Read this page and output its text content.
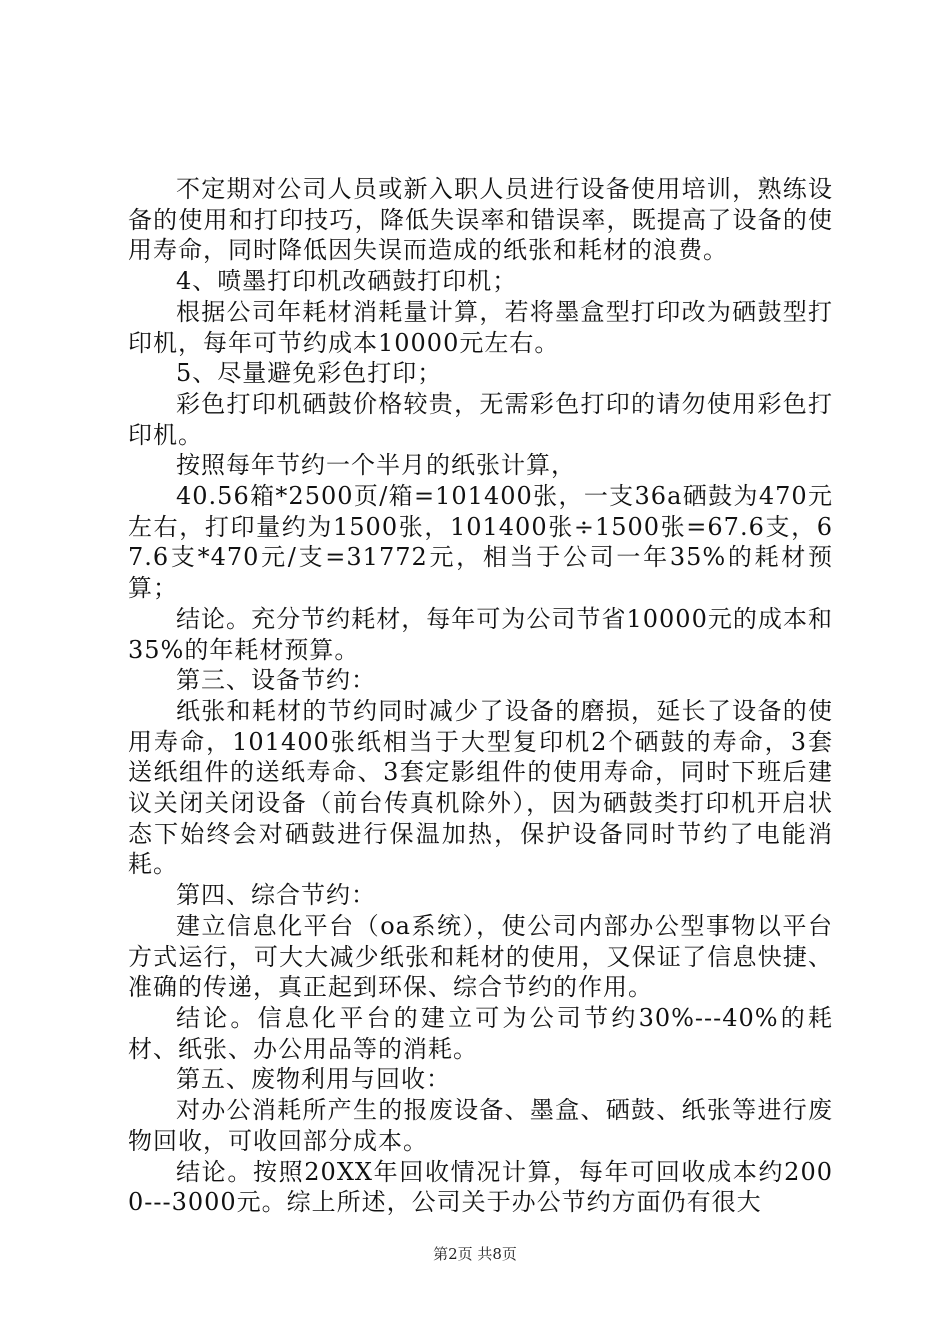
不定期对公司人员或新入职人员进行设备使用培训，熟练设备的使用和打印技巧，降低失误率和错误率，既提高了设备的使用寿命，同时降低因失误而造成的纸张和耗材的浪费。

4、喷墨打印机改硒鼓打印机；

根据公司年耗材消耗量计算，若将墨盒型打印改为硒鼓型打印机，每年可节约成本10000元左右。

5、尽量避免彩色打印；

彩色打印机硒鼓价格较贵，无需彩色打印的请勿使用彩色打印机。

按照每年节约一个半月的纸张计算，

40.56箱*2500页/箱=101400张，一支36a硒鼓为470元左右，打印量约为1500张，101400张÷1500张=67.6支，67.6支*470元/支=31772元，相当于公司一年35%的耗材预算；

结论。充分节约耗材，每年可为公司节省10000元的成本和35%的年耗材预算。

第三、设备节约：

纸张和耗材的节约同时减少了设备的磨损，延长了设备的使用寿命，101400张纸相当于大型复印机2个硒鼓的寿命，3套送纸组件的送纸寿命、3套定影组件的使用寿命，同时下班后建议关闭关闭设备（前台传真机除外），因为硒鼓类打印机开启状态下始终会对硒鼓进行保温加热，保护设备同时节约了电能消耗。

第四、综合节约：

建立信息化平台（oa系统），使公司内部办公型事物以平台方式运行，可大大减少纸张和耗材的使用，又保证了信息快捷、准确的传递，真正起到环保、综合节约的作用。

结论。信息化平台的建立可为公司节约30%---40%的耗材、纸张、办公用品等的消耗。

第五、废物利用与回收：

对办公消耗所产生的报废设备、墨盒、硒鼓、纸张等进行废物回收，可收回部分成本。

结论。按照20XX年回收情况计算，每年可回收成本约2000---3000元。综上所述，公司关于办公节约方面仍有很大

第2页 共8页
